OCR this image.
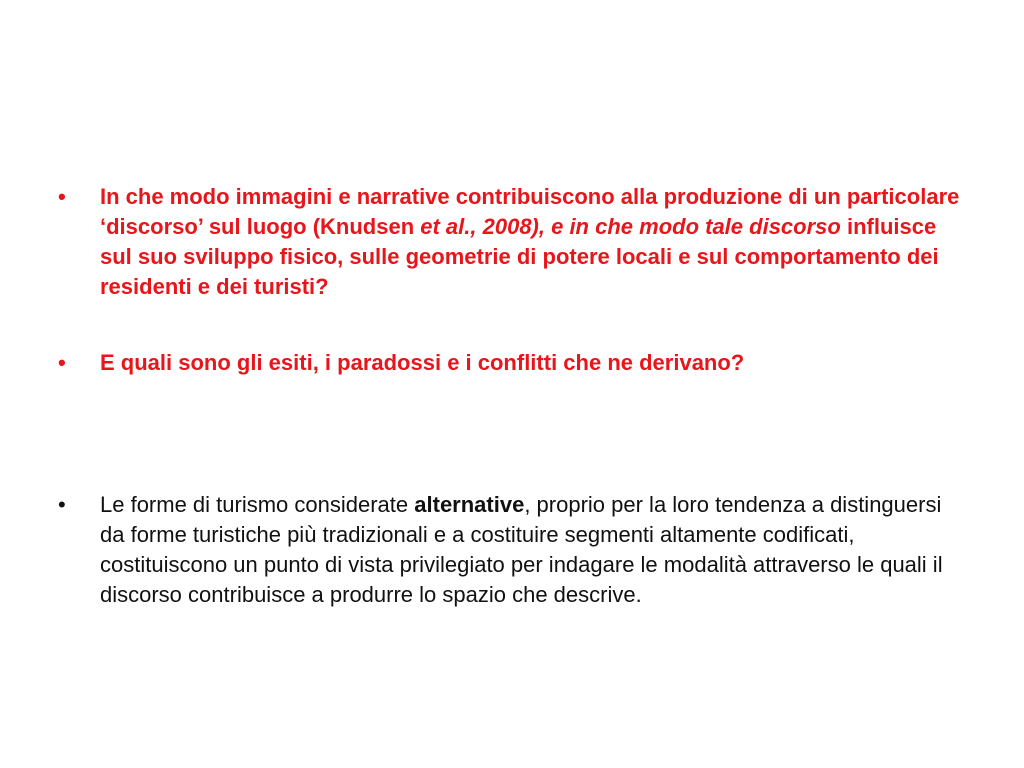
•	In che modo immagini e narrative contribuiscono alla produzione di un particolare ‘discorso’ sul luogo (Knudsen et al., 2008), e in che modo tale discorso influisce sul suo sviluppo fisico, sulle geometrie di potere locali e sul comportamento dei residenti e dei turisti?
•	E quali sono gli esiti, i paradossi e i conflitti che ne derivano?
•	Le forme di turismo considerate alternative, proprio per la loro tendenza a distinguersi da forme turistiche più tradizionali e a costituire segmenti altamente codificati, costituiscono un punto di vista privilegiato per indagare le modalità attraverso le quali il discorso contribuisce a produrre lo spazio che descrive.
